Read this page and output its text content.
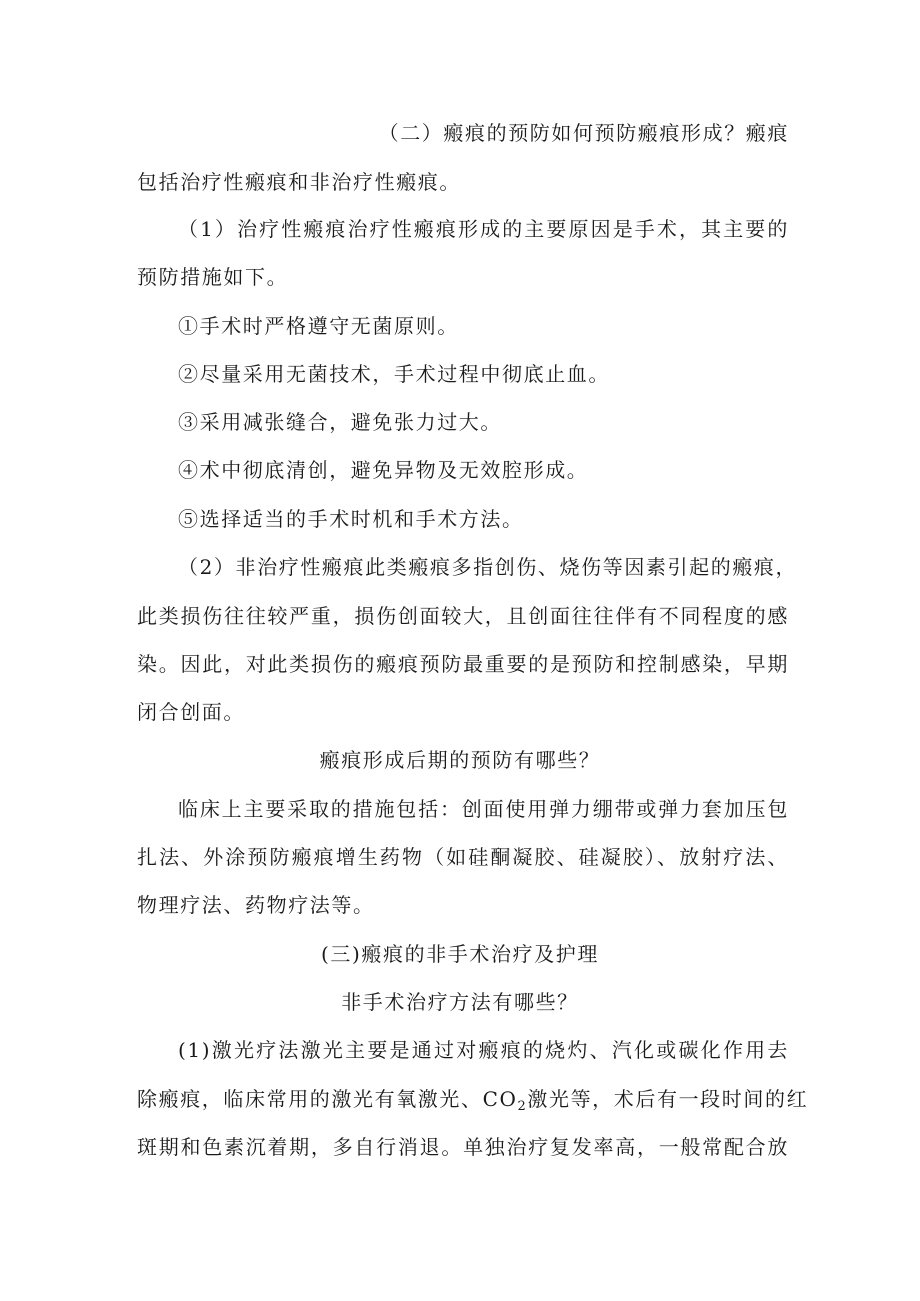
（二）瘢痕的预防如何预防瘢痕形成？瘢痕
包括治疗性瘢痕和非治疗性瘢痕。
（1）治疗性瘢痕治疗性瘢痕形成的主要原因是手术，其主要的
预防措施如下。
①手术时严格遵守无菌原则。
②尽量采用无菌技术，手术过程中彻底止血。
③采用减张缝合，避免张力过大。
④术中彻底清创，避免异物及无效腔形成。
⑤选择适当的手术时机和手术方法。
（2）非治疗性瘢痕此类瘢痕多指创伤、烧伤等因素引起的瘢痕，
此类损伤往往较严重，损伤创面较大，且创面往往伴有不同程度的感
染。因此，对此类损伤的瘢痕预防最重要的是预防和控制感染，早期
闭合创面。
瘢痕形成后期的预防有哪些？
临床上主要采取的措施包括：创面使用弹力绷带或弹力套加压包
扎法、外涂预防瘢痕增生药物（如硅酮凝胶、硅凝胶）、放射疗法、
物理疗法、药物疗法等。
(三)瘢痕的非手术治疗及护理
非手术治疗方法有哪些？
(1)激光疗法激光主要是通过对瘢痕的烧灼、汽化或碳化作用去
除瘢痕，临床常用的激光有氧激光、$CO_2$激光等，术后有一段时间的红
斑期和色素沉着期，多自行消退。单独治疗复发率高，一般常配合放
